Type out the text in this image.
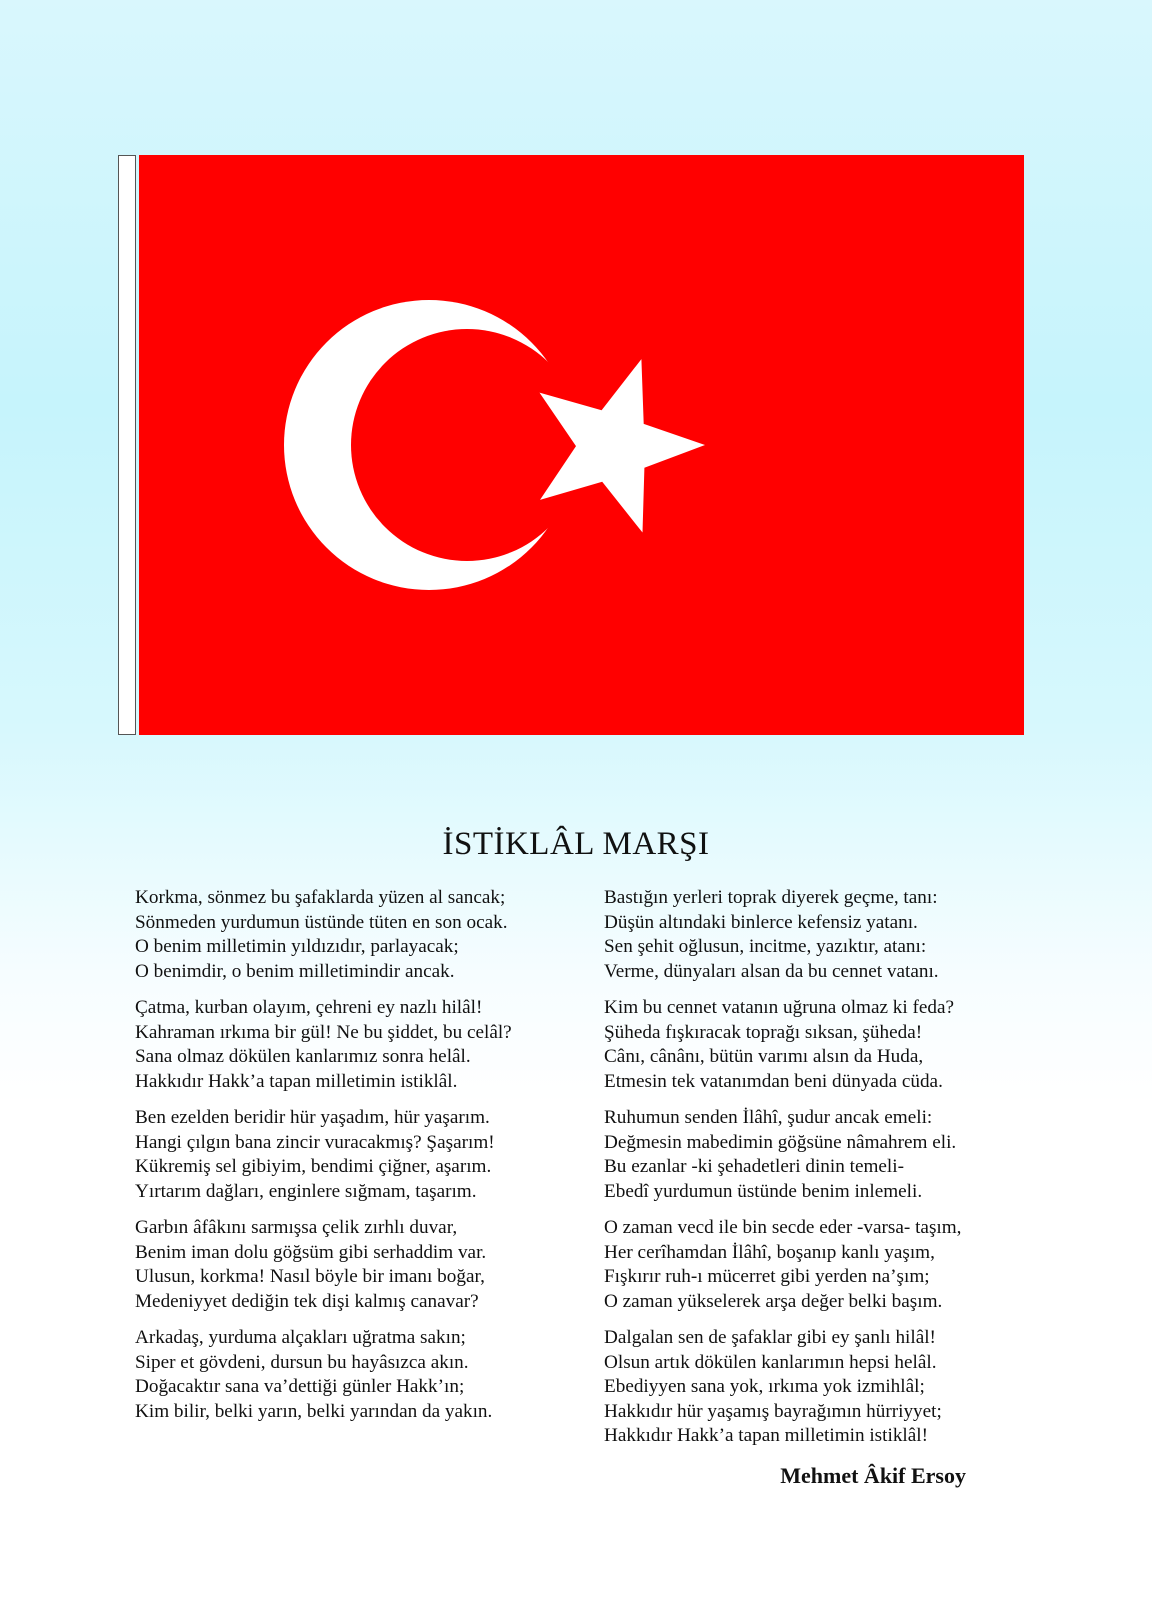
İSTİKLÂL MARŞI
Korkma, sönmez bu şafaklarda yüzen al sancak;
Sönmeden yurdumun üstünde tüten en son ocak.
O benim milletimin yıldızıdır, parlayacak;
O benimdir, o benim milletimindir ancak.
Çatma, kurban olayım, çehreni ey nazlı hilâl!
Kahraman ırkıma bir gül! Ne bu şiddet, bu celâl?
Sana olmaz dökülen kanlarımız sonra helâl.
Hakkıdır Hakk’a tapan milletimin istiklâl.
Ben ezelden beridir hür yaşadım, hür yaşarım.
Hangi çılgın bana zincir vuracakmış? Şaşarım!
Kükremiş sel gibiyim, bendimi çiğner, aşarım.
Yırtarım dağları, enginlere sığmam, taşarım.
Garbın âfâkını sarmışsa çelik zırhlı duvar,
Benim iman dolu göğsüm gibi serhaddim var.
Ulusun, korkma! Nasıl böyle bir imanı boğar,
Medeniyyet dediğin tek dişi kalmış canavar?
Arkadaş, yurduma alçakları uğratma sakın;
Siper et gövdeni, dursun bu hayâsızca akın.
Doğacaktır sana va’dettiği günler Hakk’ın;
Kim bilir, belki yarın, belki yarından da yakın.
Bastığın yerleri toprak diyerek geçme, tanı:
Düşün altındaki binlerce kefensiz yatanı.
Sen şehit oğlusun, incitme, yazıktır, atanı:
Verme, dünyaları alsan da bu cennet vatanı.
Kim bu cennet vatanın uğruna olmaz ki feda?
Şüheda fışkıracak toprağı sıksan, şüheda!
Cânı, cânânı, bütün varımı alsın da Huda,
Etmesin tek vatanımdan beni dünyada cüda.
Ruhumun senden İlâhî, şudur ancak emeli:
Değmesin mabedimin göğsüne nâmahrem eli.
Bu ezanlar -ki şehadetleri dinin temeli-
Ebedî yurdumun üstünde benim inlemeli.
O zaman vecd ile bin secde eder -varsa- taşım,
Her cerîhamdan İlâhî, boşanıp kanlı yaşım,
Fışkırır ruh-ı mücerret gibi yerden na’şım;
O zaman yükselerek arşa değer belki başım.
Dalgalan sen de şafaklar gibi ey şanlı hilâl!
Olsun artık dökülen kanlarımın hepsi helâl.
Ebediyyen sana yok, ırkıma yok izmihlâl;
Hakkıdır hür yaşamış bayrağımın hürriyyet;
Hakkıdır Hakk’a tapan milletimin istiklâl!
Mehmet Âkif Ersoy
